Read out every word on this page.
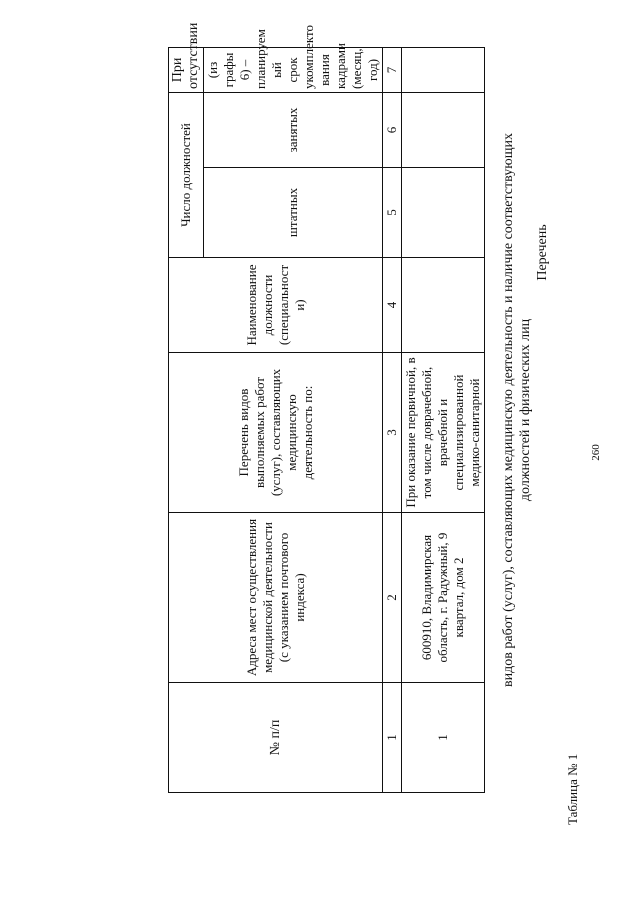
260
Таблица № 1
Перечень
видов работ (услуг), составляющих медицинскую деятельность и наличие соответствующих должностей и физических лиц
№ п/п	Адреса мест осуществления медицинской деятельности (с указанием почтового индекса)	Перечень видов выполняемых работ (услуг), составляющих медицинскую деятельность по:	Наименование должности (специальност и)	Число должностей		При отсутствии
				штатных	занятых	(из графы 6) – планируем ый срок укомплекто вания кадрами (месяц, год)
1	2	3	4	5	6	7
1	600910, Владимирская область, г. Радужный, 9 квартал, дом 2	При оказание первичной, в том числе доврачебной, врачебной и специализированной медико-санитарной				
